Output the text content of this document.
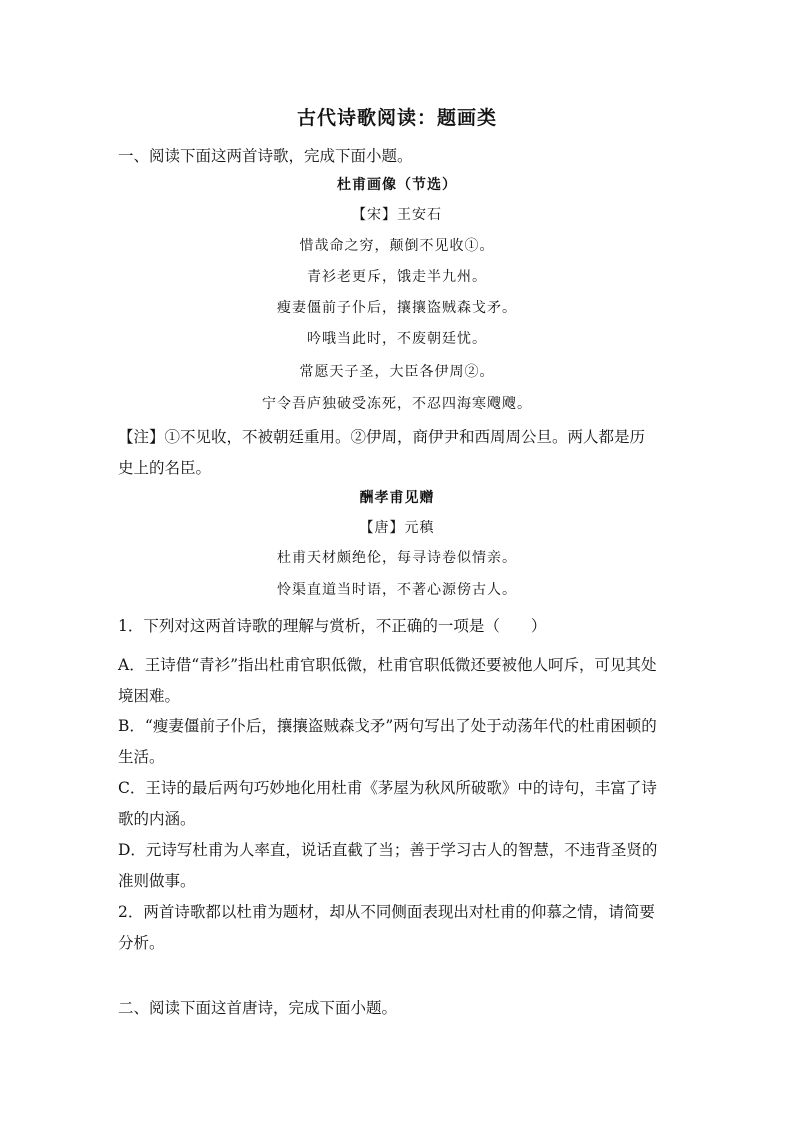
古代诗歌阅读：题画类
一、阅读下面这两首诗歌，完成下面小题。
杜甫画像（节选）
【宋】王安石
惜哉命之穷，颠倒不见收①。
青衫老更斥，饿走半九州。
瘦妻僵前子仆后，攘攘盗贼森戈矛。
吟哦当此时，不废朝廷忧。
常愿天子圣，大臣各伊周②。
宁令吾庐独破受冻死，不忍四海寒飕飕。
【注】①不见收，不被朝廷重用。②伊周，商伊尹和西周周公旦。两人都是历
史上的名臣。
酬孝甫见赠
【唐】元稹
杜甫天材颇绝伦，每寻诗卷似情亲。
怜渠直道当时语，不著心源傍古人。
1．下列对这两首诗歌的理解与赏析，不正确的一项是（　　）
A．王诗借“青衫”指出杜甫官职低微，杜甫官职低微还要被他人呵斥，可见其处
境困难。
B．“瘦妻僵前子仆后，攘攘盗贼森戈矛”两句写出了处于动荡年代的杜甫困顿的
生活。
C．王诗的最后两句巧妙地化用杜甫《茅屋为秋风所破歌》中的诗句，丰富了诗
歌的内涵。
D．元诗写杜甫为人率直，说话直截了当；善于学习古人的智慧，不违背圣贤的
准则做事。
2．两首诗歌都以杜甫为题材，却从不同侧面表现出对杜甫的仰慕之情，请简要
分析。
二、阅读下面这首唐诗，完成下面小题。
